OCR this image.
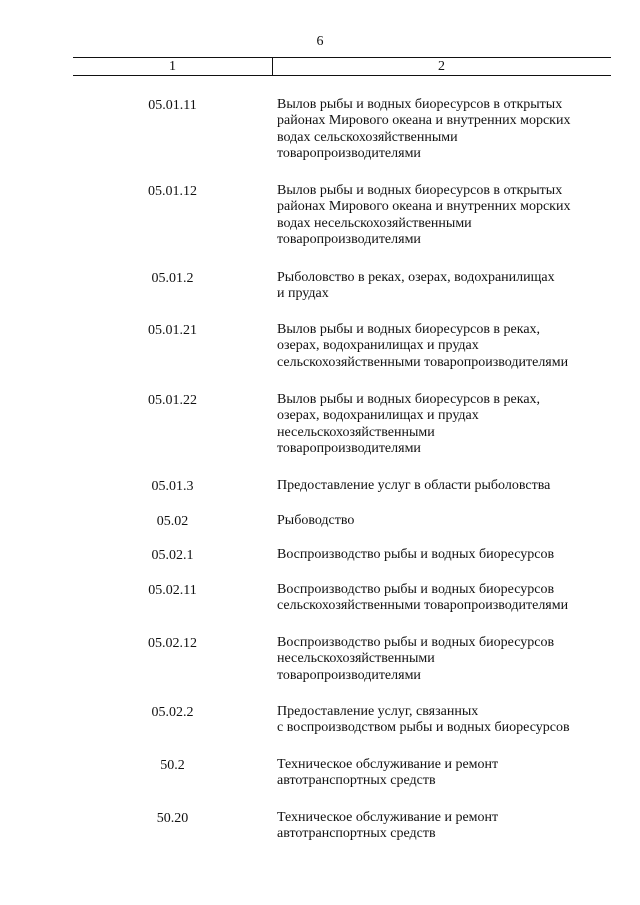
6
1	2
05.01.11	Вылов рыбы и водных биоресурсов в открытых
районах Мирового океана и внутренних морских
водах сельскохозяйственными
товаропроизводителями
05.01.12	Вылов рыбы и водных биоресурсов в открытых
районах Мирового океана и внутренних морских
водах несельскохозяйственными
товаропроизводителями
05.01.2	Рыболовство в реках, озерах, водохранилищах
и прудах
05.01.21	Вылов рыбы и водных биоресурсов в реках,
озерах, водохранилищах и прудах
сельскохозяйственными товаропроизводителями
05.01.22	Вылов рыбы и водных биоресурсов в реках,
озерах, водохранилищах и прудах
несельскохозяйственными
товаропроизводителями
05.01.3	Предоставление услуг в области рыболовства
05.02	Рыбоводство
05.02.1	Воспроизводство рыбы и водных биоресурсов
05.02.11	Воспроизводство рыбы и водных биоресурсов
сельскохозяйственными товаропроизводителями
05.02.12	Воспроизводство рыбы и водных биоресурсов
несельскохозяйственными
товаропроизводителями
05.02.2	Предоставление услуг, связанных
с воспроизводством рыбы и водных биоресурсов
50.2	Техническое обслуживание и ремонт
автотранспортных средств
50.20	Техническое обслуживание и ремонт
автотранспортных средств
